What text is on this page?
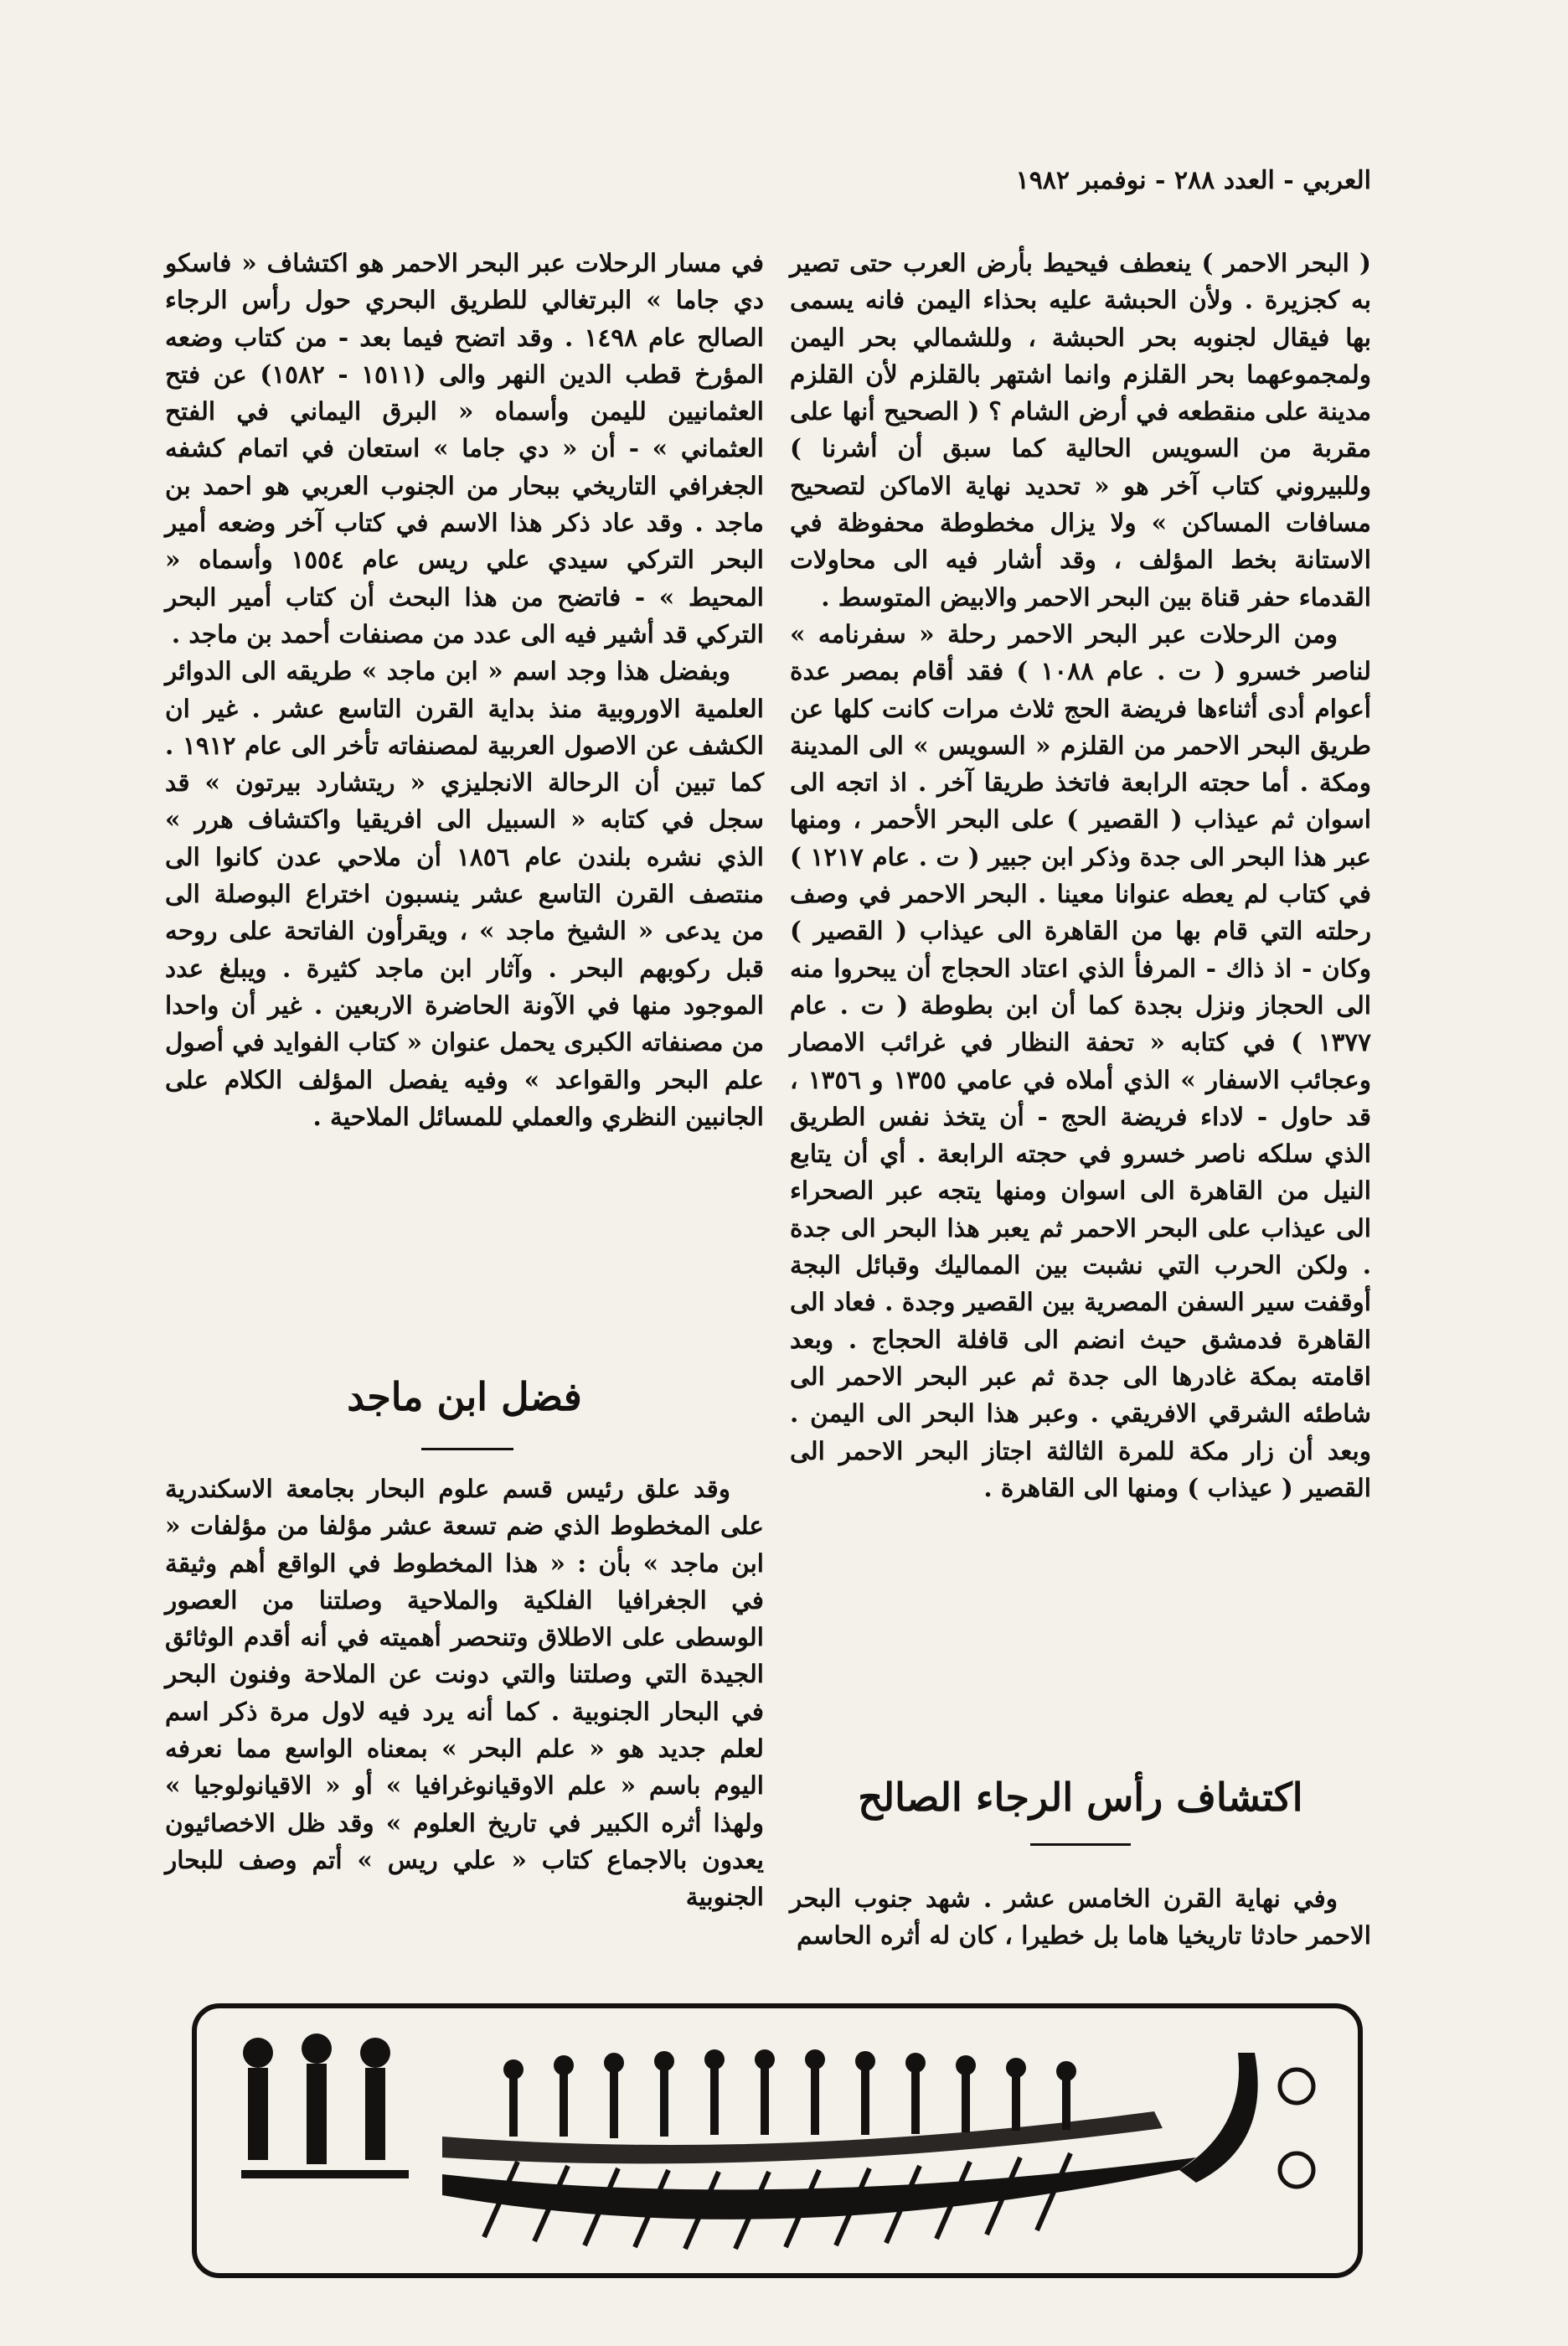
العربي - العدد ٢٨٨ - نوفمبر ١٩٨٢

( البحر الاحمر ) ينعطف فيحيط بأرض العرب حتى تصير به كجزيرة . ولأن الحبشة عليه بحذاء اليمن فانه يسمى بها فيقال لجنوبه بحر الحبشة ، وللشمالي بحر اليمن ولمجموعهما بحر القلزم وانما اشتهر بالقلزم لأن القلزم مدينة على منقطعه في أرض الشام ؟ ( الصحيح أنها على مقربة من السويس الحالية كما سبق أن أشرنا ) وللبيروني كتاب آخر هو « تحديد نهاية الاماكن لتصحيح مسافات المساكن » ولا يزال مخطوطة محفوظة في الاستانة بخط المؤلف ، وقد أشار فيه الى محاولات القدماء حفر قناة بين البحر الاحمر والابيض المتوسط .

ومن الرحلات عبر البحر الاحمر رحلة « سفرنامه » لناصر خسرو ( ت . عام ١٠٨٨ ) فقد أقام بمصر عدة أعوام أدى أثناءها فريضة الحج ثلاث مرات كانت كلها عن طريق البحر الاحمر من القلزم « السويس » الى المدينة ومكة . أما حجته الرابعة فاتخذ طريقا آخر . اذ اتجه الى اسوان ثم عيذاب ( القصير ) على البحر الأحمر ، ومنها عبر هذا البحر الى جدة وذكر ابن جبير ( ت . عام ١٢١٧ ) في كتاب لم يعطه عنوانا معينا . البحر الاحمر في وصف رحلته التي قام بها من القاهرة الى عيذاب ( القصير ) وكان - اذ ذاك - المرفأ الذي اعتاد الحجاج أن يبحروا منه الى الحجاز ونزل بجدة كما أن ابن بطوطة ( ت . عام ١٣٧٧ ) في كتابه « تحفة النظار في غرائب الامصار وعجائب الاسفار » الذي أملاه في عامي ١٣٥٥ و ١٣٥٦ ، قد حاول - لاداء فريضة الحج - أن يتخذ نفس الطريق الذي سلكه ناصر خسرو في حجته الرابعة . أي أن يتابع النيل من القاهرة الى اسوان ومنها يتجه عبر الصحراء الى عيذاب على البحر الاحمر ثم يعبر هذا البحر الى جدة . ولكن الحرب التي نشبت بين المماليك وقبائل البجة أوقفت سير السفن المصرية بين القصير وجدة . فعاد الى القاهرة فدمشق حيث انضم الى قافلة الحجاج . وبعد اقامته بمكة غادرها الى جدة ثم عبر البحر الاحمر الى شاطئه الشرقي الافريقي . وعبر هذا البحر الى اليمن . وبعد أن زار مكة للمرة الثالثة اجتاز البحر الاحمر الى القصير ( عيذاب ) ومنها الى القاهرة .

اكتشاف رأس الرجاء الصالح

وفي نهاية القرن الخامس عشر . شهد جنوب البحر الاحمر حادثا تاريخيا هاما بل خطيرا ، كان له أثره الحاسم

في مسار الرحلات عبر البحر الاحمر هو اكتشاف « فاسكو دي جاما » البرتغالي للطريق البحري حول رأس الرجاء الصالح عام ١٤٩٨ . وقد اتضح فيما بعد - من كتاب وضعه المؤرخ قطب الدين النهر والى (١٥١١ - ١٥٨٢) عن فتح العثمانيين لليمن وأسماه « البرق اليماني في الفتح العثماني » - أن « دي جاما » استعان في اتمام كشفه الجغرافي التاريخي ببحار من الجنوب العربي هو احمد بن ماجد . وقد عاد ذكر هذا الاسم في كتاب آخر وضعه أمير البحر التركي سيدي علي ريس عام ١٥٥٤ وأسماه « المحيط » - فاتضح من هذا البحث أن كتاب أمير البحر التركي قد أشير فيه الى عدد من مصنفات أحمد بن ماجد .

وبفضل هذا وجد اسم « ابن ماجد » طريقه الى الدوائر العلمية الاوروبية منذ بداية القرن التاسع عشر . غير ان الكشف عن الاصول العربية لمصنفاته تأخر الى عام ١٩١٢ . كما تبين أن الرحالة الانجليزي « ريتشارد بيرتون » قد سجل في كتابه « السبيل الى افريقيا واكتشاف هرر » الذي نشره بلندن عام ١٨٥٦ أن ملاحي عدن كانوا الى منتصف القرن التاسع عشر ينسبون اختراع البوصلة الى من يدعى « الشيخ ماجد » ، ويقرأون الفاتحة على روحه قبل ركوبهم البحر . وآثار ابن ماجد كثيرة . ويبلغ عدد الموجود منها في الآونة الحاضرة الاربعين . غير أن واحدا من مصنفاته الكبرى يحمل عنوان « كتاب الفوايد في أصول علم البحر والقواعد » وفيه يفصل المؤلف الكلام على الجانبين النظري والعملي للمسائل الملاحية .

فضل ابن ماجد

وقد علق رئيس قسم علوم البحار بجامعة الاسكندرية على المخطوط الذي ضم تسعة عشر مؤلفا من مؤلفات « ابن ماجد » بأن : « هذا المخطوط في الواقع أهم وثيقة في الجغرافيا الفلكية والملاحية وصلتنا من العصور الوسطى على الاطلاق وتنحصر أهميته في أنه أقدم الوثائق الجيدة التي وصلتنا والتي دونت عن الملاحة وفنون البحر في البحار الجنوبية . كما أنه يرد فيه لاول مرة ذكر اسم لعلم جديد هو « علم البحر » بمعناه الواسع مما نعرفه اليوم باسم « علم الاوقيانوغرافيا » أو « الاقيانولوجيا » ولهذا أثره الكبير في تاريخ العلوم » وقد ظل الاخصائيون يعدون بالاجماع كتاب « علي ريس » أتم وصف للبحار الجنوبية
